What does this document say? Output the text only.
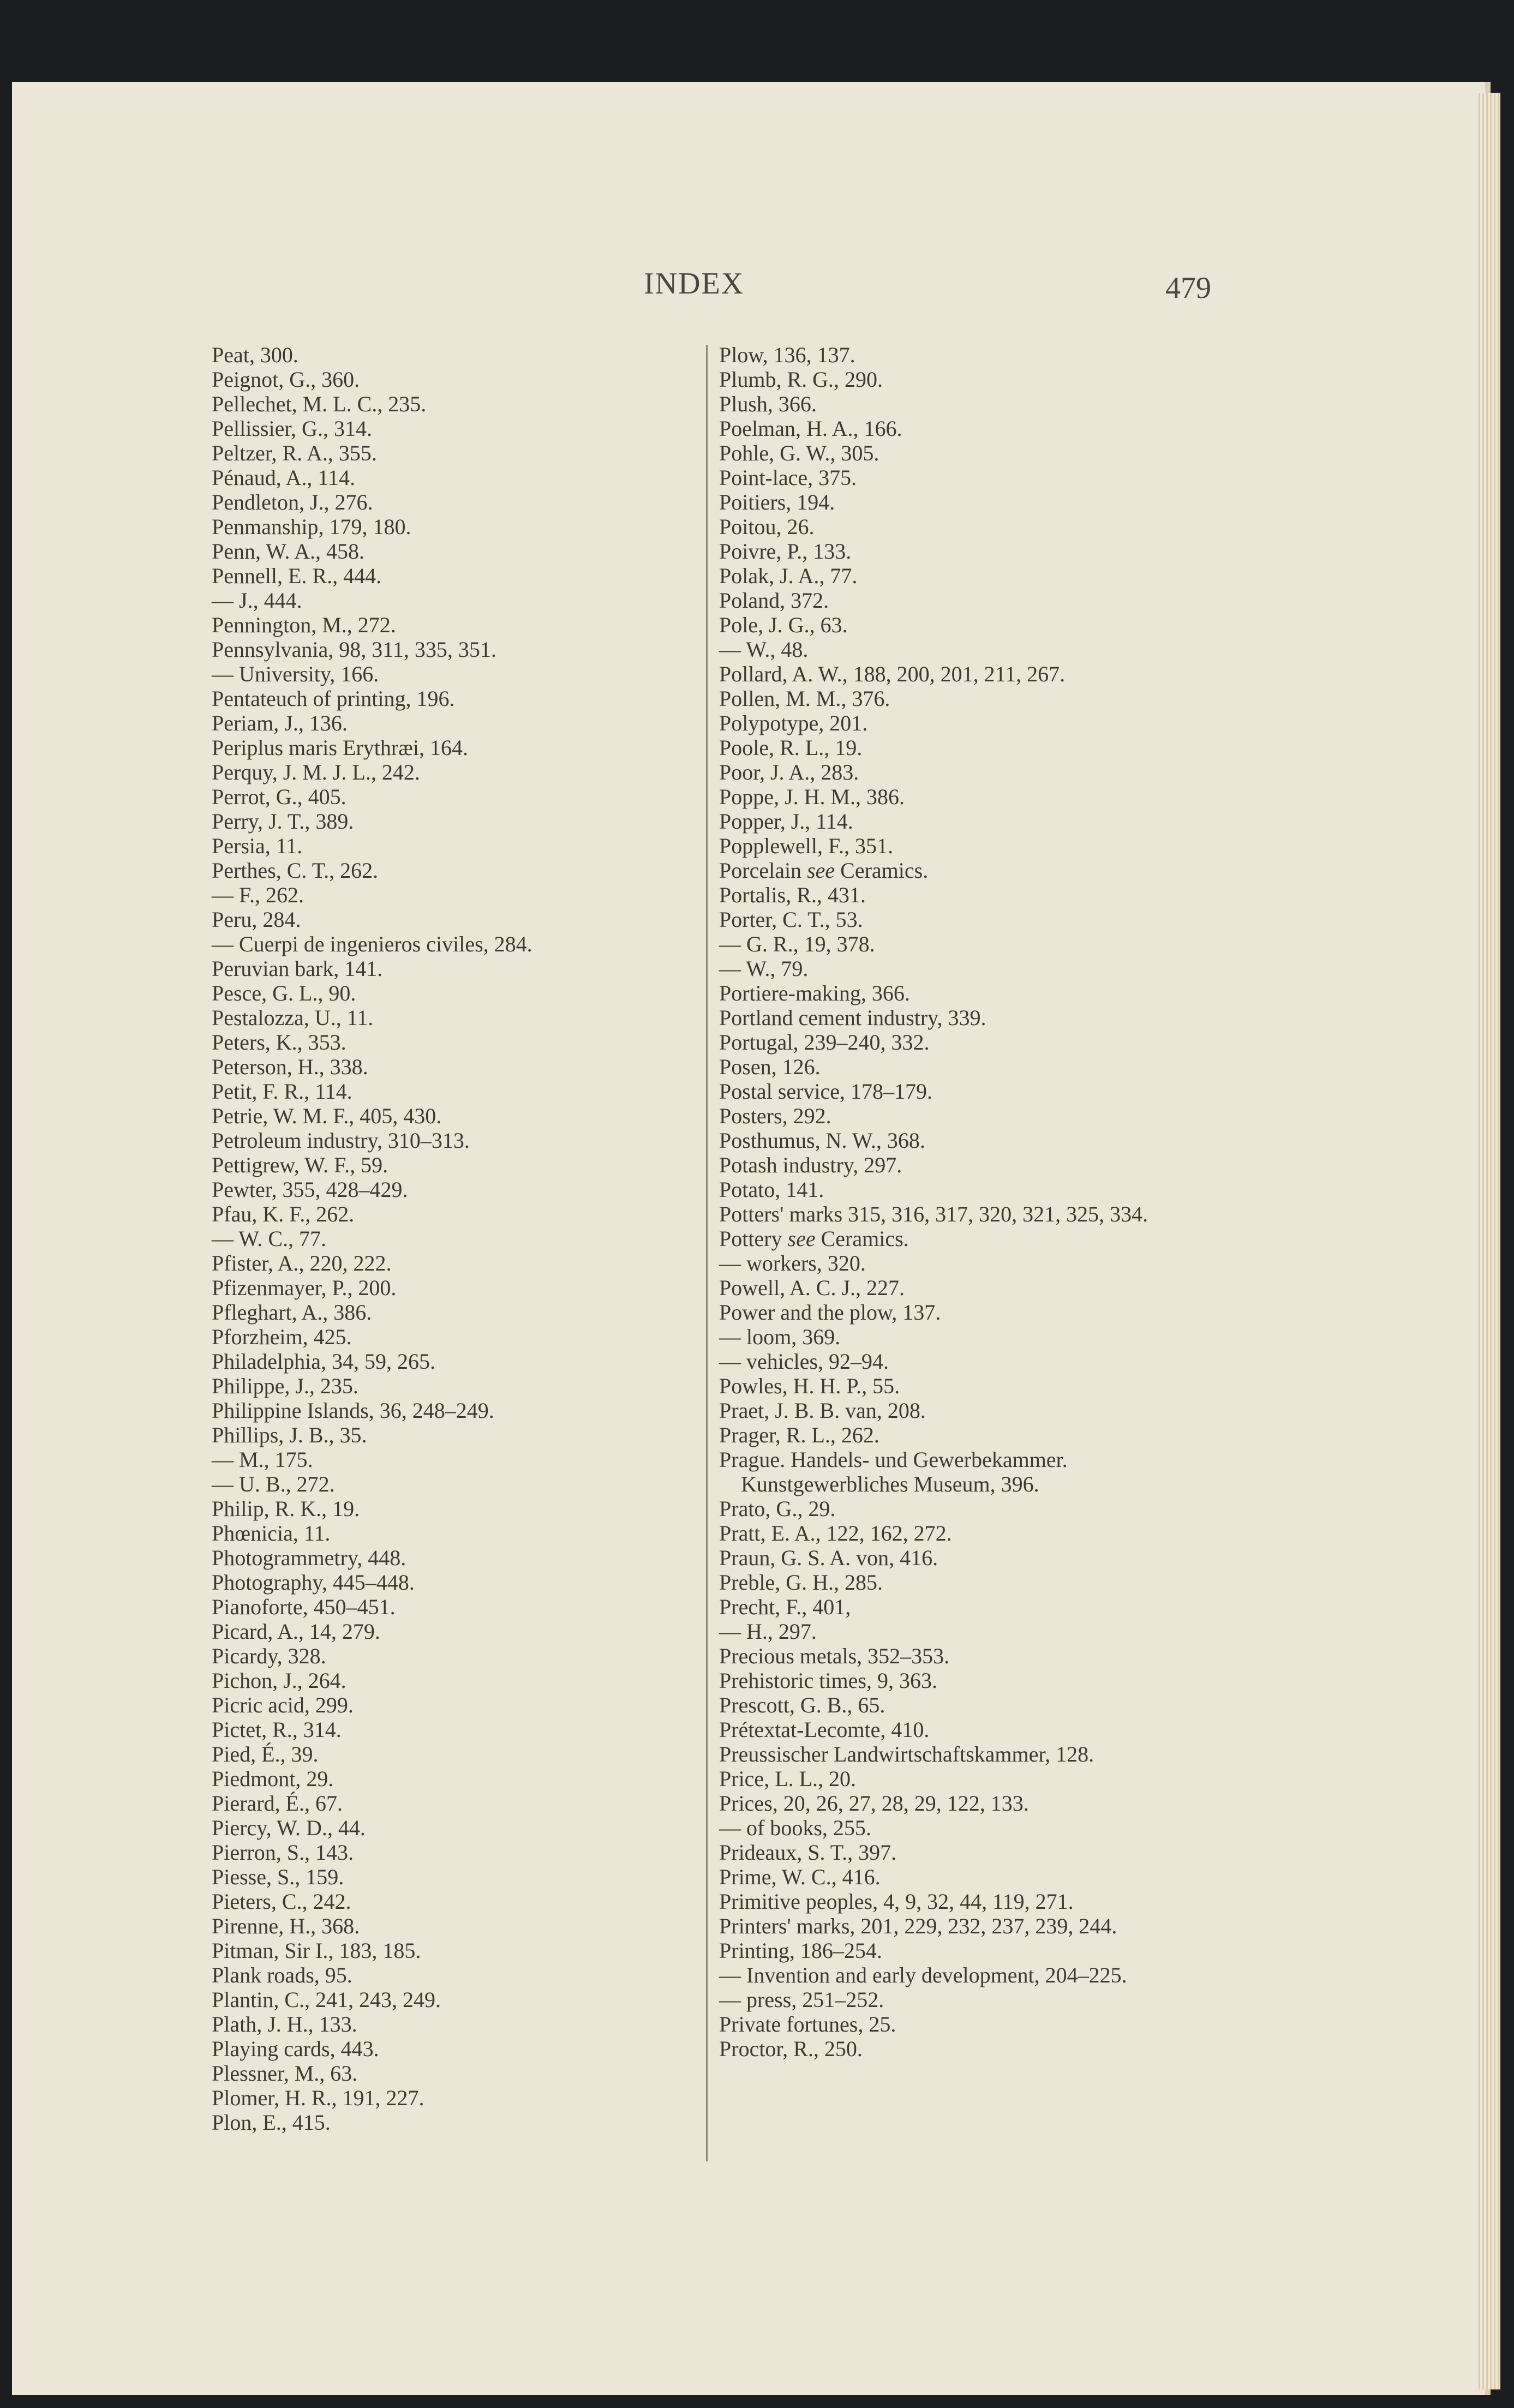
INDEX	479
Peat, 300.
Peignot, G., 360.
Pellechet, M. L. C., 235.
Pellissier, G., 314.
Peltzer, R. A., 355.
Pénaud, A., 114.
Pendleton, J., 276.
Penmanship, 179, 180.
Penn, W. A., 458.
Pennell, E. R., 444.
— J., 444.
Pennington, M., 272.
Pennsylvania, 98, 311, 335, 351.
— University, 166.
Pentateuch of printing, 196.
Periam, J., 136.
Periplus maris Erythræi, 164.
Perquy, J. M. J. L., 242.
Perrot, G., 405.
Perry, J. T., 389.
Persia, 11.
Perthes, C. T., 262.
— F., 262.
Peru, 284.
— Cuerpi de ingenieros civiles, 284.
Peruvian bark, 141.
Pesce, G. L., 90.
Pestalozza, U., 11.
Peters, K., 353.
Peterson, H., 338.
Petit, F. R., 114.
Petrie, W. M. F., 405, 430.
Petroleum industry, 310–313.
Pettigrew, W. F., 59.
Pewter, 355, 428–429.
Pfau, K. F., 262.
— W. C., 77.
Pfister, A., 220, 222.
Pfizenmayer, P., 200.
Pfleghart, A., 386.
Pforzheim, 425.
Philadelphia, 34, 59, 265.
Philippe, J., 235.
Philippine Islands, 36, 248–249.
Phillips, J. B., 35.
— M., 175.
— U. B., 272.
Philip, R. K., 19.
Phœnicia, 11.
Photogrammetry, 448.
Photography, 445–448.
Pianoforte, 450–451.
Picard, A., 14, 279.
Picardy, 328.
Pichon, J., 264.
Picric acid, 299.
Pictet, R., 314.
Pied, É., 39.
Piedmont, 29.
Pierard, É., 67.
Piercy, W. D., 44.
Pierron, S., 143.
Piesse, S., 159.
Pieters, C., 242.
Pirenne, H., 368.
Pitman, Sir I., 183, 185.
Plank roads, 95.
Plantin, C., 241, 243, 249.
Plath, J. H., 133.
Playing cards, 443.
Plessner, M., 63.
Plomer, H. R., 191, 227.
Plon, E., 415.
Plow, 136, 137.
Plumb, R. G., 290.
Plush, 366.
Poelman, H. A., 166.
Pohle, G. W., 305.
Point-lace, 375.
Poitiers, 194.
Poitou, 26.
Poivre, P., 133.
Polak, J. A., 77.
Poland, 372.
Pole, J. G., 63.
— W., 48.
Pollard, A. W., 188, 200, 201, 211, 267.
Pollen, M. M., 376.
Polypotype, 201.
Poole, R. L., 19.
Poor, J. A., 283.
Poppe, J. H. M., 386.
Popper, J., 114.
Popplewell, F., 351.
Porcelain see Ceramics.
Portalis, R., 431.
Porter, C. T., 53.
— G. R., 19, 378.
— W., 79.
Portiere-making, 366.
Portland cement industry, 339.
Portugal, 239–240, 332.
Posen, 126.
Postal service, 178–179.
Posters, 292.
Posthumus, N. W., 368.
Potash industry, 297.
Potato, 141.
Potters' marks 315, 316, 317, 320, 321, 325, 334.
Pottery see Ceramics.
— workers, 320.
Powell, A. C. J., 227.
Power and the plow, 137.
— loom, 369.
— vehicles, 92–94.
Powles, H. H. P., 55.
Praet, J. B. B. van, 208.
Prager, R. L., 262.
Prague. Handels- und Gewerbekammer. Kunstgewerbliches Museum, 396.
Prato, G., 29.
Pratt, E. A., 122, 162, 272.
Praun, G. S. A. von, 416.
Preble, G. H., 285.
Precht, F., 401,
— H., 297.
Precious metals, 352–353.
Prehistoric times, 9, 363.
Prescott, G. B., 65.
Prétextat-Lecomte, 410.
Preussischer Landwirtschaftskammer, 128.
Price, L. L., 20.
Prices, 20, 26, 27, 28, 29, 122, 133.
— of books, 255.
Prideaux, S. T., 397.
Prime, W. C., 416.
Primitive peoples, 4, 9, 32, 44, 119, 271.
Printers' marks, 201, 229, 232, 237, 239, 244.
Printing, 186–254.
— Invention and early development, 204–225.
— press, 251–252.
Private fortunes, 25.
Proctor, R., 250.
